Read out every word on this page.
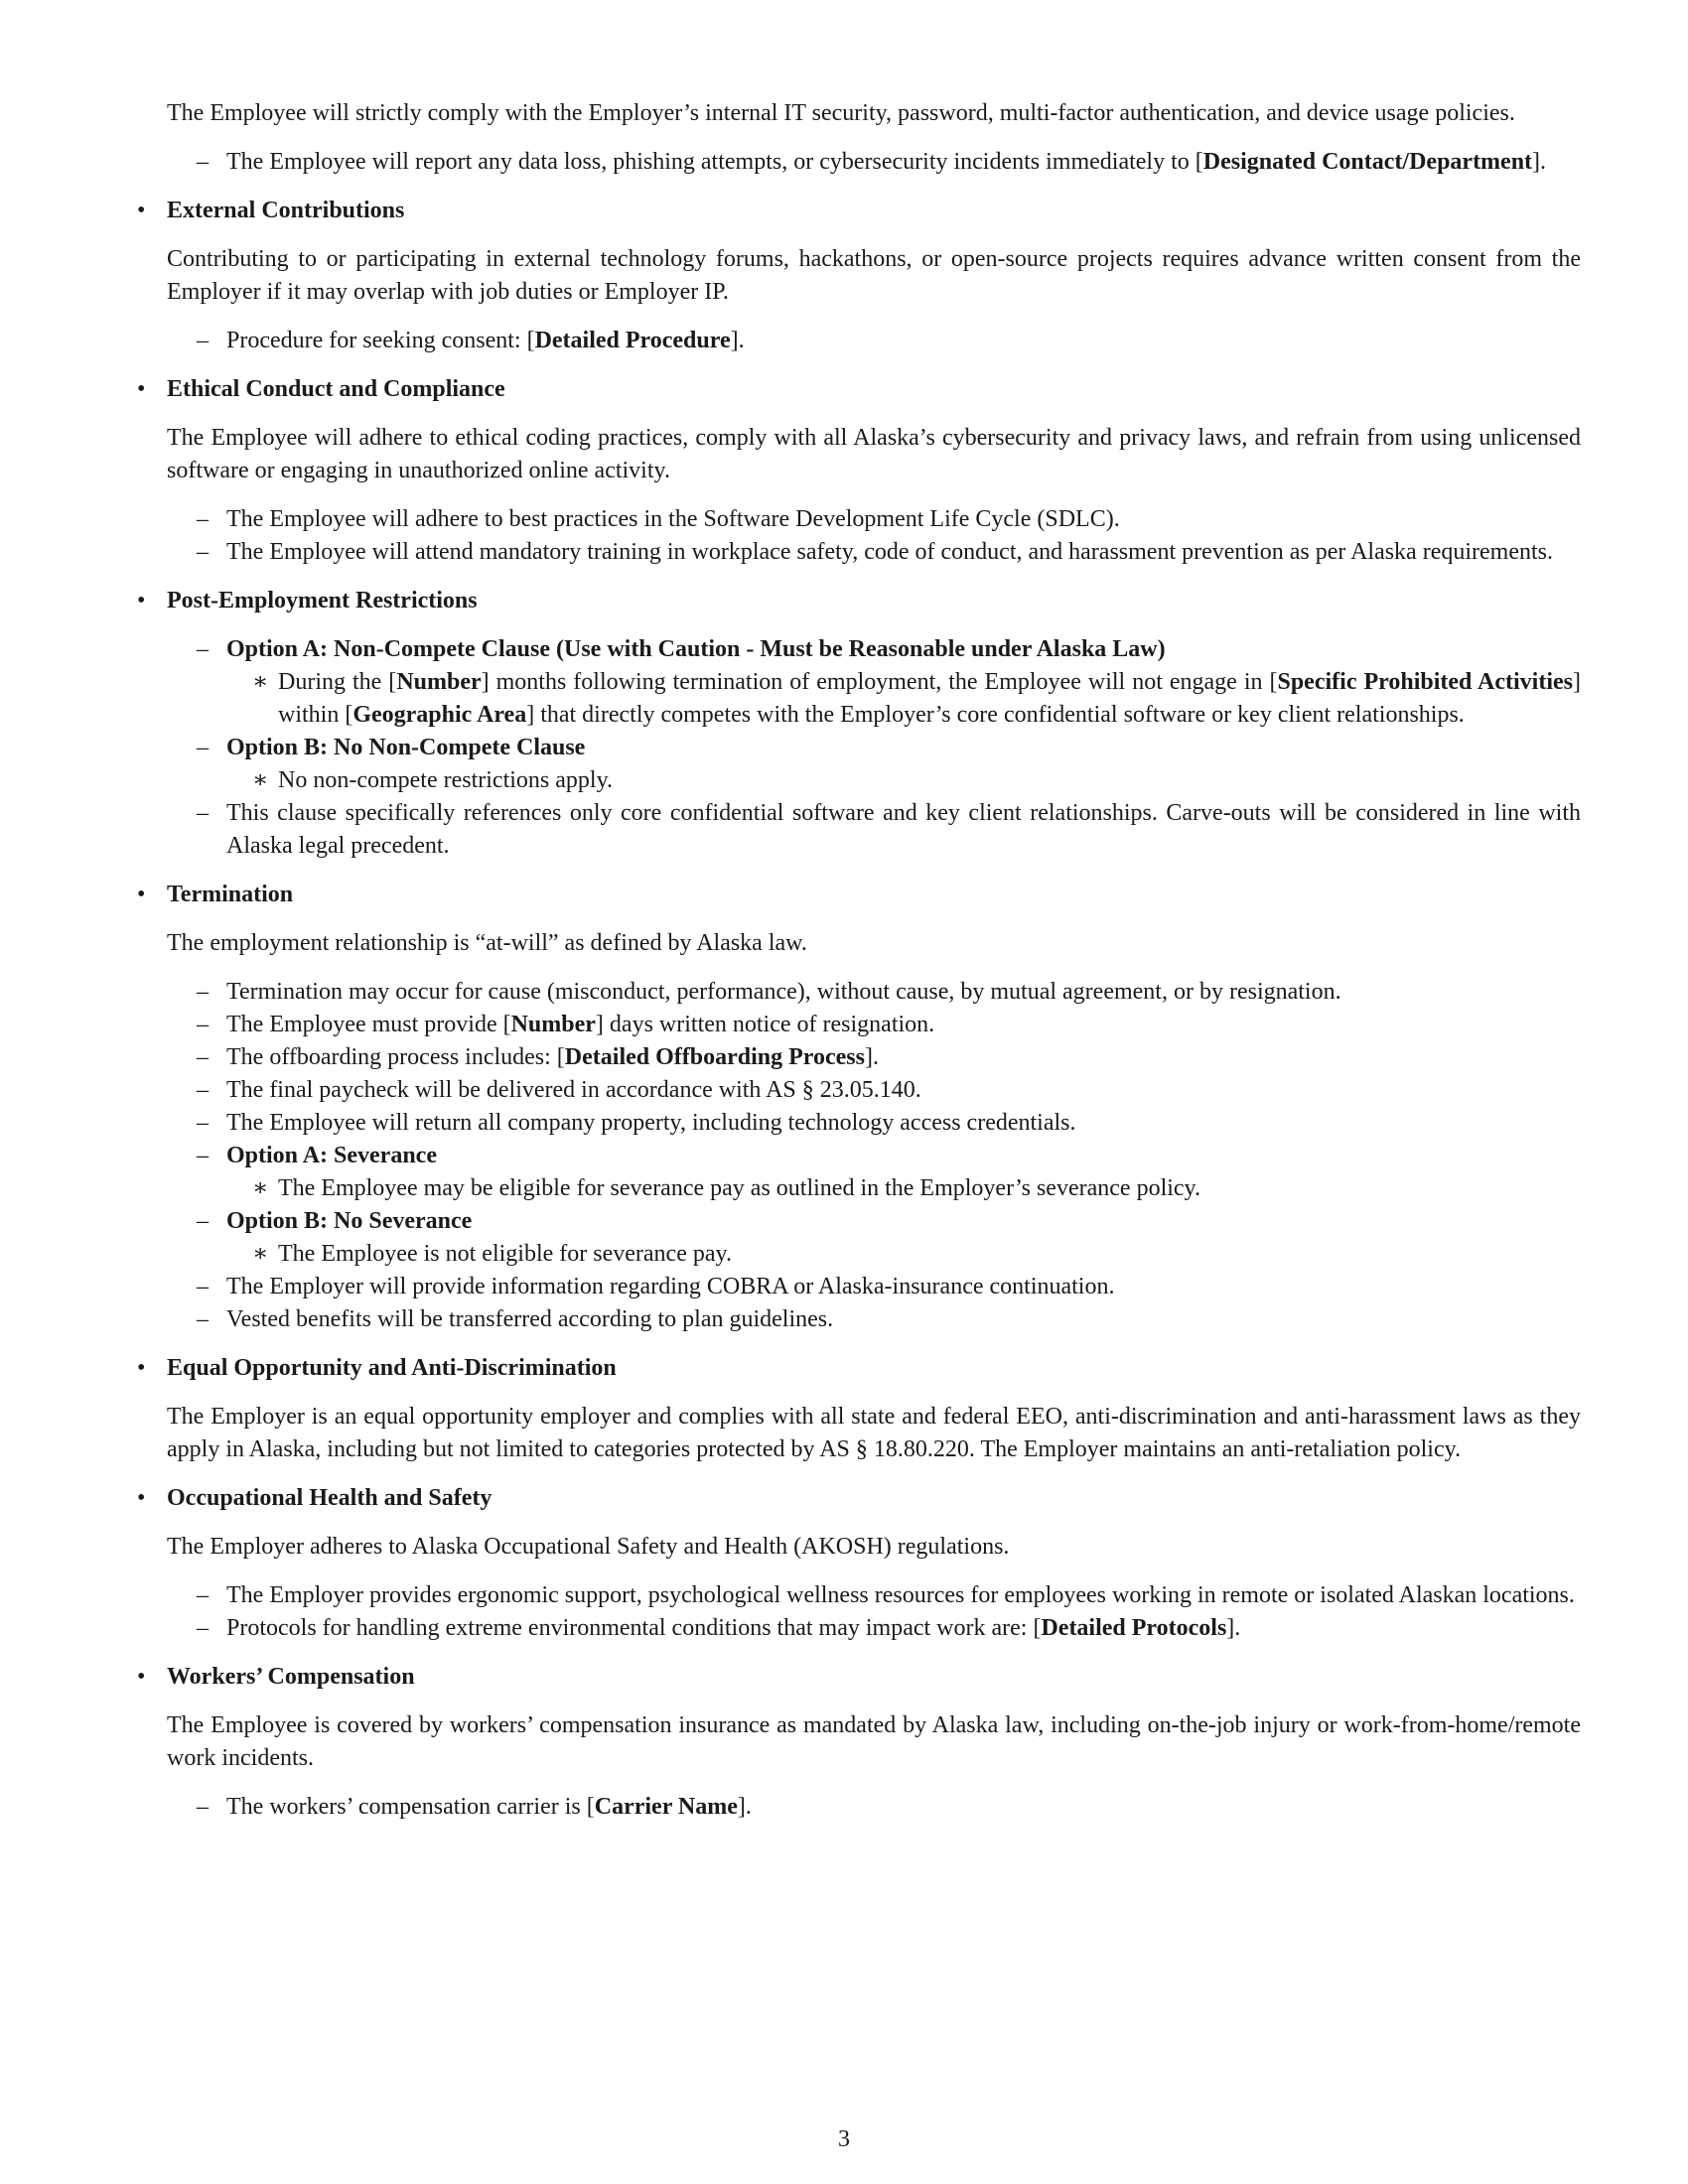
The Employee will strictly comply with the Employer’s internal IT security, password, multi-factor authentication, and device usage policies.

– The Employee will report any data loss, phishing attempts, or cybersecurity incidents immediately to [Designated Contact/Department].
• External Contributions

Contributing to or participating in external technology forums, hackathons, or open-source projects requires advance written consent from the Employer if it may overlap with job duties or Employer IP.

– Procedure for seeking consent: [Detailed Procedure].
• Ethical Conduct and Compliance

The Employee will adhere to ethical coding practices, comply with all Alaska’s cybersecurity and privacy laws, and refrain from using unlicensed software or engaging in unauthorized online activity.

– The Employee will adhere to best practices in the Software Development Life Cycle (SDLC).
– The Employee will attend mandatory training in workplace safety, code of conduct, and harassment prevention as per Alaska requirements.
• Post-Employment Restrictions
– Option A: Non-Compete Clause (Use with Caution - Must be Reasonable under Alaska Law)
∗ During the [Number] months following termination of employment, the Employee will not engage in [Specific Prohibited Activities] within [Geographic Area] that directly competes with the Employer’s core confidential software or key client relationships.
– Option B: No Non-Compete Clause
∗ No non-compete restrictions apply.
– This clause specifically references only core confidential software and key client relationships. Carve-outs will be considered in line with Alaska legal precedent.
• Termination

The employment relationship is “at-will” as defined by Alaska law.

– Termination may occur for cause (misconduct, performance), without cause, by mutual agreement, or by resignation.
– The Employee must provide [Number] days written notice of resignation.
– The offboarding process includes: [Detailed Offboarding Process].
– The final paycheck will be delivered in accordance with AS § 23.05.140.
– The Employee will return all company property, including technology access credentials.
– Option A: Severance
∗ The Employee may be eligible for severance pay as outlined in the Employer’s severance policy.
– Option B: No Severance
∗ The Employee is not eligible for severance pay.
– The Employer will provide information regarding COBRA or Alaska-insurance continuation.
– Vested benefits will be transferred according to plan guidelines.
• Equal Opportunity and Anti-Discrimination

The Employer is an equal opportunity employer and complies with all state and federal EEO, anti-discrimination and anti-harassment laws as they apply in Alaska, including but not limited to categories protected by AS § 18.80.220. The Employer maintains an anti-retaliation policy.

• Occupational Health and Safety

The Employer adheres to Alaska Occupational Safety and Health (AKOSH) regulations.

– The Employer provides ergonomic support, psychological wellness resources for employees working in remote or isolated Alaskan locations.
– Protocols for handling extreme environmental conditions that may impact work are: [Detailed Protocols].
• Workers’ Compensation

The Employee is covered by workers’ compensation insurance as mandated by Alaska law, including on-the-job injury or work-from-home/remote work incidents.

– The workers’ compensation carrier is [Carrier Name].
3
